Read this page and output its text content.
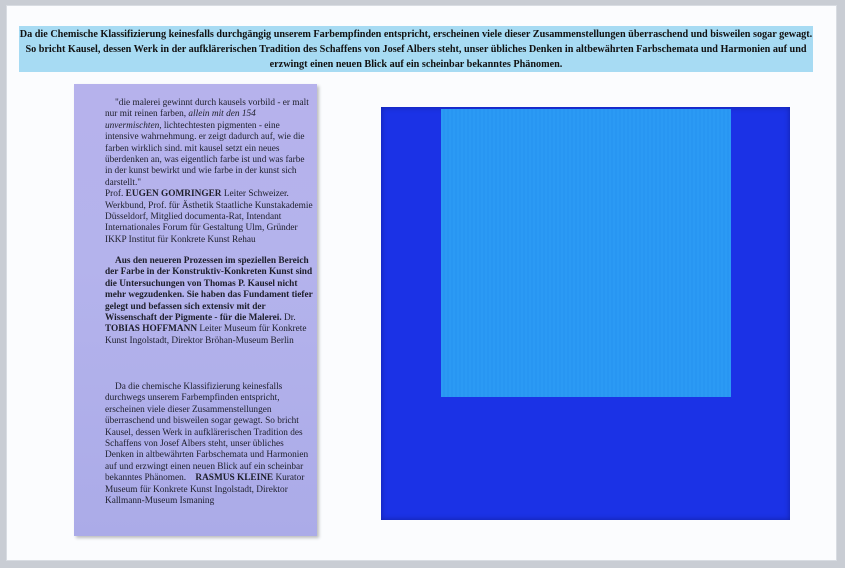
Da die Chemische Klassifizierung keinesfalls durchgängig unserem Farbempfinden entspricht, erscheinen viele dieser Zusammenstellungen überraschend und bisweilen sogar gewagt. So bricht Kausel, dessen Werk in der aufklärerischen Tradition des Schaffens von Josef Albers steht, unser übliches Denken in altbewährten Farbschemata und Harmonien auf und erzwingt einen neuen Blick auf ein scheinbar bekanntes Phänomen.

"die malerei gewinnt durch kausels vorbild - er malt nur mit reinen farben, allein mit den 154 unvermischten, lichtechtesten pigmenten - eine intensive wahrnehmung. er zeigt dadurch auf, wie die farben wirklich sind. mit kausel setzt ein neues überdenken an, was eigentlich farbe ist und was farbe in der kunst bewirkt und wie farbe in der kunst sich darstellt."

Prof. EUGEN GOMRINGER Leiter Schweizer. Werkbund, Prof. für Ästhetik Staatliche Kunstakademie Düsseldorf, Mitglied documenta-Rat, Intendant Internationales Forum für Gestaltung Ulm, Gründer IKKP Institut für Konkrete Kunst Rehau

Aus den neueren Prozessen im speziellen Bereich der Farbe in der Konstruktiv-Konkreten Kunst sind die Untersuchungen von Thomas P. Kausel nicht mehr wegzudenken. Sie haben das Fundament tiefer gelegt und befassen sich extensiv mit der Wissenschaft der Pigmente - für die Malerei. Dr. TOBIAS HOFFMANN Leiter Museum für Konkrete Kunst Ingolstadt, Direktor Bröhan-Museum Berlin

Da die chemische Klassifizierung keinesfalls durchwegs unserem Farbempfinden entspricht, erscheinen viele dieser Zusammenstellungen überraschend und bisweilen sogar gewagt. So bricht Kausel, dessen Werk in aufklärerischen Tradition des Schaffens von Josef Albers steht, unser übliches Denken in altbewährten Farbschemata und Harmonien auf und erzwingt einen neuen Blick auf ein scheinbar bekanntes Phänomen. RASMUS KLEINE Kurator Museum für Konkrete Kunst Ingolstadt, Direktor Kallmann-Museum Ismaning
